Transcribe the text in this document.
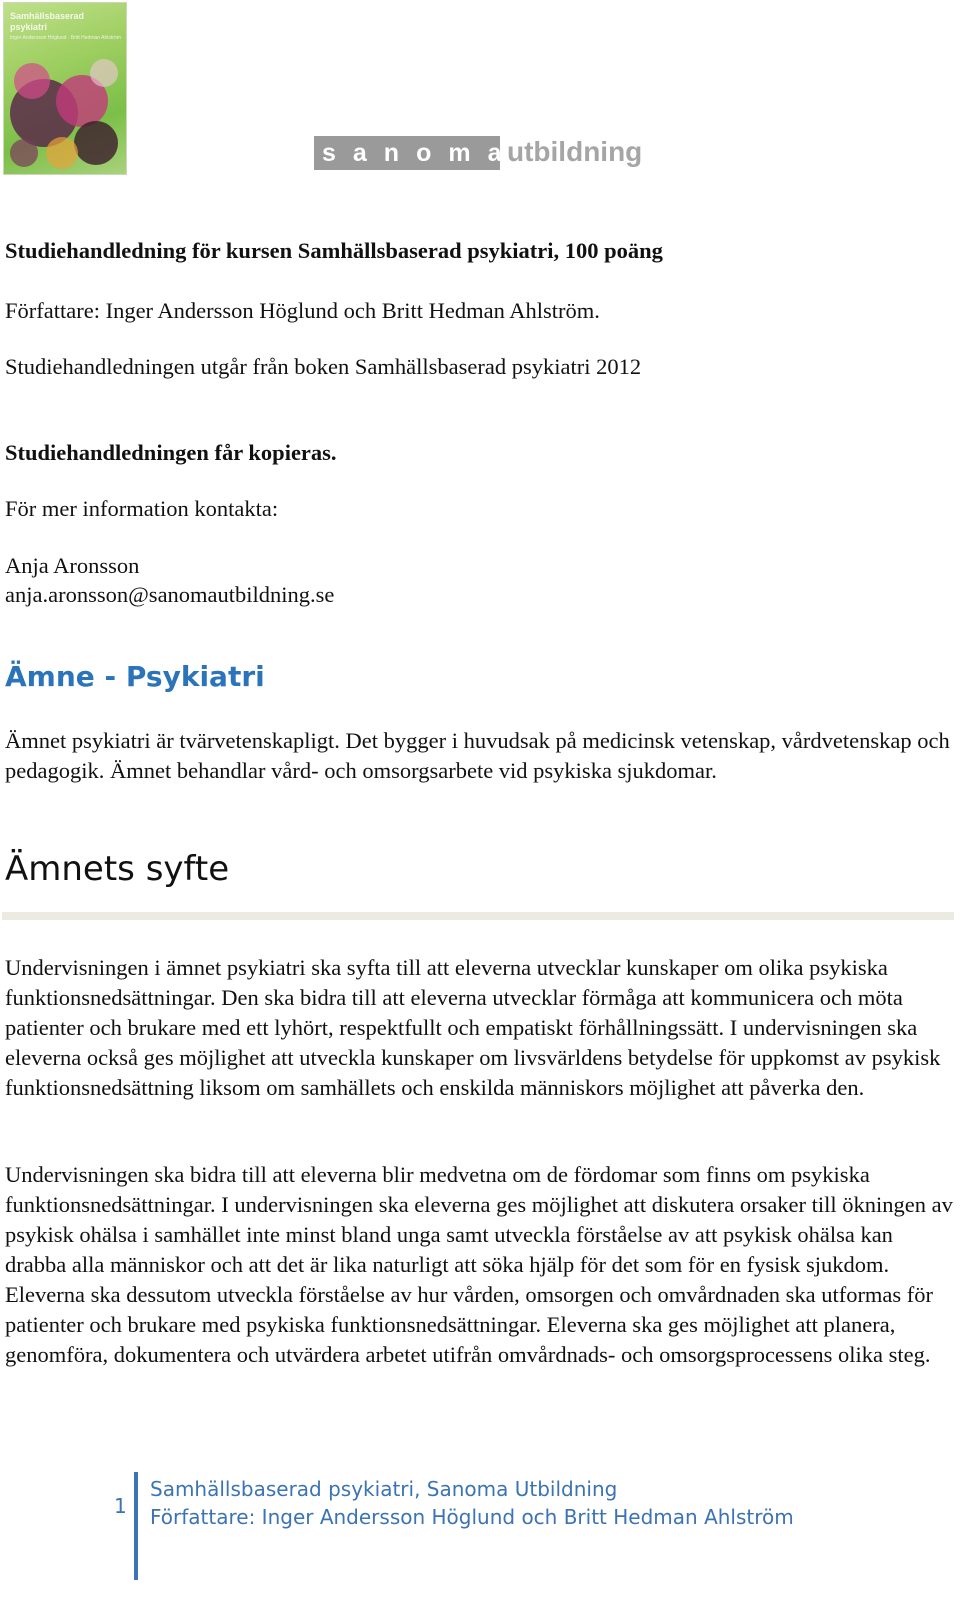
Samhällsbaserad psykiatri
Inger Andersson Höglund · Britt Hedman Ahlström
sanoma
utbildning
Studiehandledning för kursen Samhällsbaserad psykiatri, 100 poäng
Författare: Inger Andersson Höglund och Britt Hedman Ahlström.
Studiehandledningen utgår från boken Samhällsbaserad psykiatri 2012
Studiehandledningen får kopieras.
För mer information kontakta:
Anja Aronsson
anja.aronsson@sanomautbildning.se
Ämne - Psykiatri
Ämnet psykiatri är tvärvetenskapligt. Det bygger i huvudsak på medicinsk vetenskap, vårdvetenskap och pedagogik. Ämnet behandlar vård- och omsorgsarbete vid psykiska sjukdomar.
Ämnets syfte
Undervisningen i ämnet psykiatri ska syfta till att eleverna utvecklar kunskaper om olika psykiska funktionsnedsättningar. Den ska bidra till att eleverna utvecklar förmåga att kommunicera och möta patienter och brukare med ett lyhört, respektfullt och empatiskt förhållningssätt. I undervisningen ska eleverna också ges möjlighet att utveckla kunskaper om livsvärldens betydelse för uppkomst av psykisk funktionsnedsättning liksom om samhällets och enskilda människors möjlighet att påverka den.
Undervisningen ska bidra till att eleverna blir medvetna om de fördomar som finns om psykiska funktionsnedsättningar. I undervisningen ska eleverna ges möjlighet att diskutera orsaker till ökningen av psykisk ohälsa i samhället inte minst bland unga samt utveckla förståelse av att psykisk ohälsa kan drabba alla människor och att det är lika naturligt att söka hjälp för det som för en fysisk sjukdom. Eleverna ska dessutom utveckla förståelse av hur vården, omsorgen och omvårdnaden ska utformas för patienter och brukare med psykiska funktionsnedsättningar. Eleverna ska ges möjlighet att planera, genomföra, dokumentera och utvärdera arbetet utifrån omvårdnads- och omsorgsprocessens olika steg.
1
Samhällsbaserad psykiatri, Sanoma Utbildning
Författare: Inger Andersson Höglund och Britt Hedman Ahlström
